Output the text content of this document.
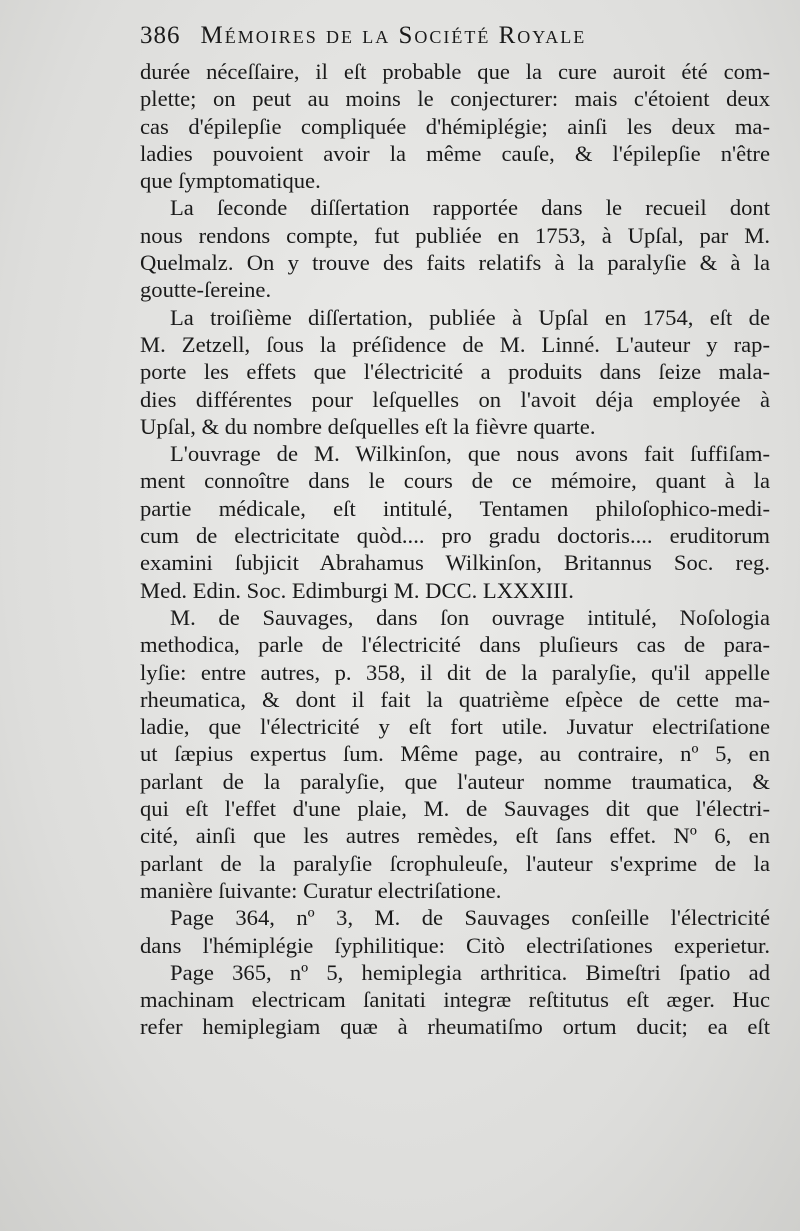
386 Mémoires de la Société Royale
durée néceſſaire, il eſt probable que la cure auroit été com-
plette; on peut au moins le conjecturer: mais c'étoient deux
cas d'épilepſie compliquée d'hémiplégie; ainſi les deux ma-
ladies pouvoient avoir la même cauſe, & l'épilepſie n'être
que ſymptomatique.
La ſeconde diſſertation rapportée dans le recueil dont
nous rendons compte, fut publiée en 1753, à Upſal, par M.
Quelmalz. On y trouve des faits relatifs à la paralyſie & à la
goutte-ſereine.
La troiſième diſſertation, publiée à Upſal en 1754, eſt de
M. Zetzell, ſous la préſidence de M. Linné. L'auteur y rap-
porte les effets que l'électricité a produits dans ſeize mala-
dies différentes pour leſquelles on l'avoit déja employée à
Upſal, & du nombre deſquelles eſt la fièvre quarte.
L'ouvrage de M. Wilkinſon, que nous avons fait ſuffiſam-
ment connoître dans le cours de ce mémoire, quant à la
partie médicale, eſt intitulé, Tentamen philoſophico-medi-
cum de electricitate quòd.... pro gradu doctoris.... eruditorum
examini ſubjicit Abrahamus Wilkinſon, Britannus Soc. reg.
Med. Edin. Soc. Edimburgi M. DCC. LXXXIII.
M. de Sauvages, dans ſon ouvrage intitulé, Noſologia
methodica, parle de l'électricité dans pluſieurs cas de para-
lyſie: entre autres, p. 358, il dit de la paralyſie, qu'il appelle
rheumatica, & dont il fait la quatrième eſpèce de cette ma-
ladie, que l'électricité y eſt fort utile. Juvatur electriſatione
ut ſæpius expertus ſum. Même page, au contraire, nº 5, en
parlant de la paralyſie, que l'auteur nomme traumatica, &
qui eſt l'effet d'une plaie, M. de Sauvages dit que l'électri-
cité, ainſi que les autres remèdes, eſt ſans effet. Nº 6, en
parlant de la paralyſie ſcrophuleuſe, l'auteur s'exprime de la
manière ſuivante: Curatur electriſatione.
Page 364, nº 3, M. de Sauvages conſeille l'électricité
dans l'hémiplégie ſyphilitique: Citò electriſationes experietur.
Page 365, nº 5, hemiplegia arthritica. Bimeſtri ſpatio ad
machinam electricam ſanitati integræ reſtitutus eſt æger. Huc
refer hemiplegiam quæ à rheumatiſmo ortum ducit; ea eſt
